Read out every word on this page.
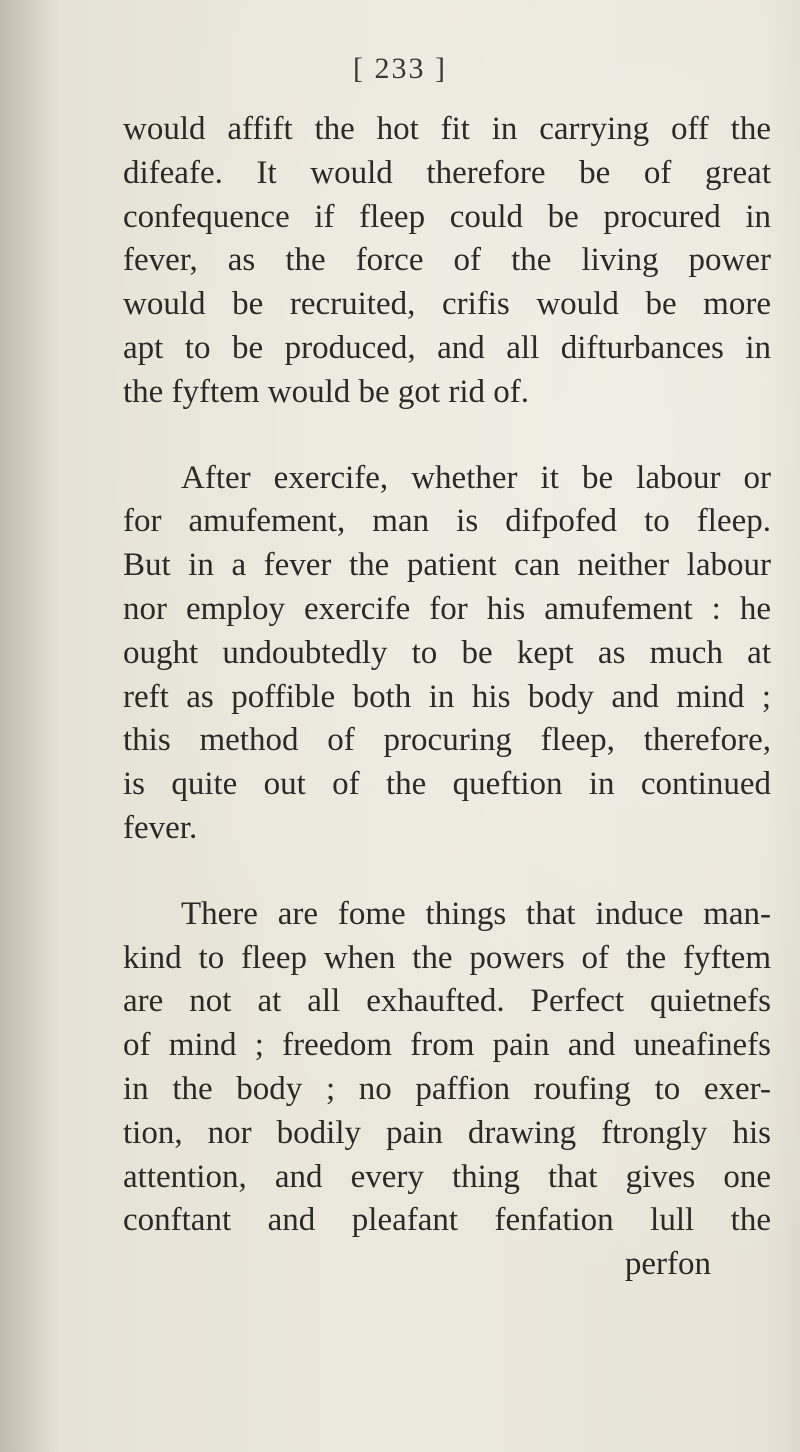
[ 233 ]

would affift the hot fit in carrying off the
difeafe. It would therefore be of great
confequence if fleep could be procured in
fever, as the force of the living power
would be recruited, crifis would be more
apt to be produced, and all difturbances in
the fyftem would be got rid of.

After exercife, whether it be labour or
for amufement, man is difpofed to fleep.
But in a fever the patient can neither labour
nor employ exercife for his amufement : he
ought undoubtedly to be kept as much at
reft as poffible both in his body and mind ;
this method of procuring fleep, therefore,
is quite out of the queftion in continued
fever.

There are fome things that induce man-
kind to fleep when the powers of the fyftem
are not at all exhaufted. Perfect quietnefs
of mind ; freedom from pain and uneafinefs
in the body ; no paffion roufing to exer-
tion, nor bodily pain drawing ftrongly his
attention, and every thing that gives one
conftant and pleafant fenfation lull the
perfon
